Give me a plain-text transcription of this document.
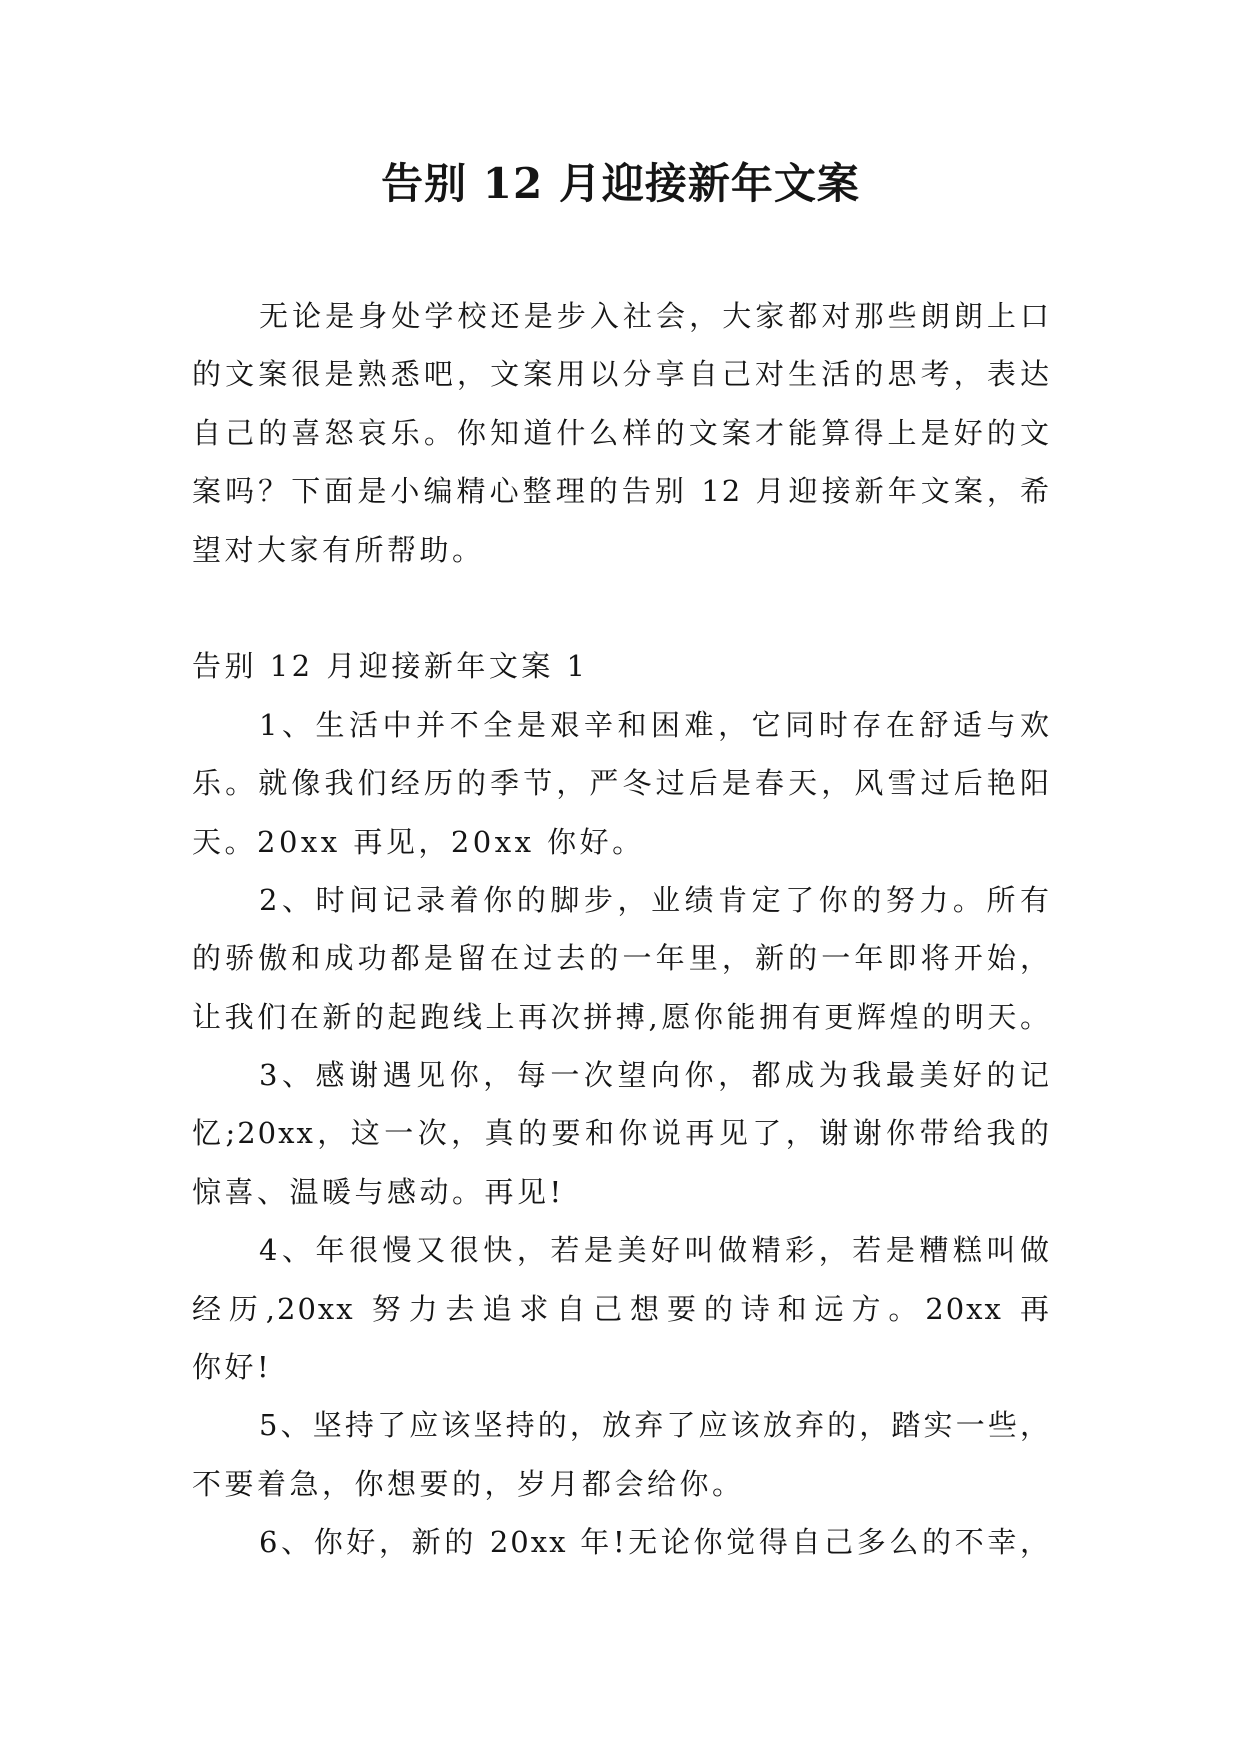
告别 12 月迎接新年文案
无论是身处学校还是步入社会，大家都对那些朗朗上口
的文案很是熟悉吧，文案用以分享自己对生活的思考，表达
自己的喜怒哀乐。你知道什么样的文案才能算得上是好的文
案吗？下面是小编精心整理的告别 12 月迎接新年文案，希
望对大家有所帮助。
告别 12 月迎接新年文案 1
1、生活中并不全是艰辛和困难，它同时存在舒适与欢
乐。就像我们经历的季节，严冬过后是春天，风雪过后艳阳
天。20xx 再见，20xx 你好。
2、时间记录着你的脚步，业绩肯定了你的努力。所有
的骄傲和成功都是留在过去的一年里，新的一年即将开始，
让我们在新的起跑线上再次拼搏,愿你能拥有更辉煌的明天。
3、感谢遇见你，每一次望向你，都成为我最美好的记
忆;20xx，这一次，真的要和你说再见了，谢谢你带给我的
惊喜、温暖与感动。再见!
4、年很慢又很快，若是美好叫做精彩，若是糟糕叫做
经历,20xx 努力去追求自己想要的诗和远方。20xx 再
你好!
5、坚持了应该坚持的，放弃了应该放弃的，踏实一些，
不要着急，你想要的，岁月都会给你。
6、你好，新的 20xx 年!无论你觉得自己多么的不幸，
